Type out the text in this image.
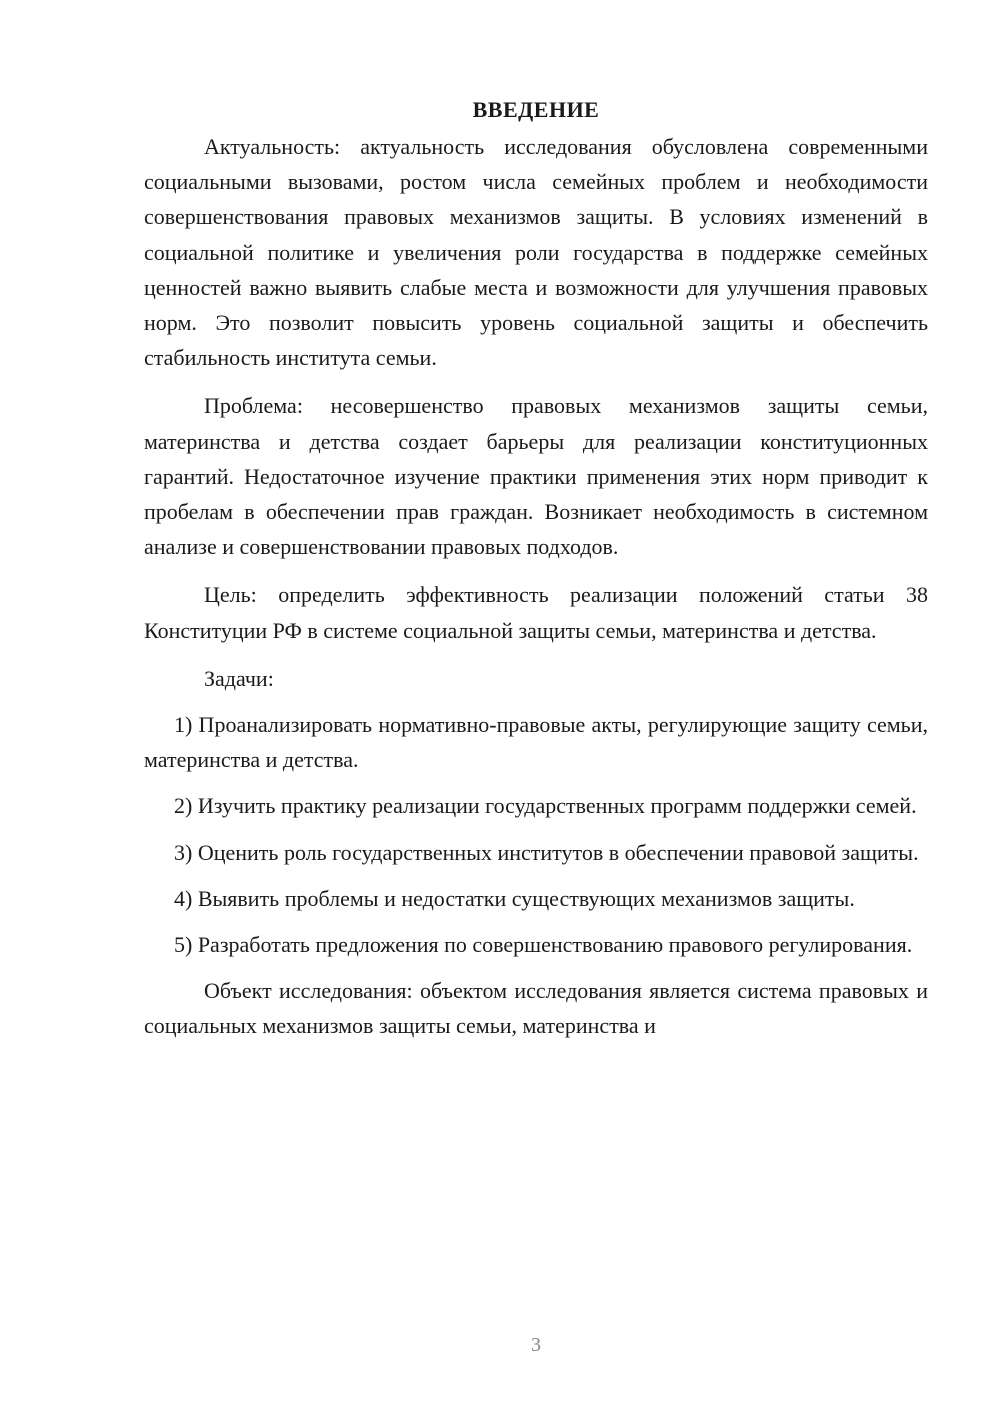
ВВЕДЕНИЕ

Актуальность: актуальность исследования обусловлена современными социальными вызовами, ростом числа семейных проблем и необходимости совершенствования правовых механизмов защиты. В условиях изменений в социальной политике и увеличения роли государства в поддержке семейных ценностей важно выявить слабые места и возможности для улучшения правовых норм. Это позволит повысить уровень социальной защиты и обеспечить стабильность института семьи.

Проблема: несовершенство правовых механизмов защиты семьи, материнства и детства создает барьеры для реализации конституционных гарантий. Недостаточное изучение практики применения этих норм приводит к пробелам в обеспечении прав граждан. Возникает необходимость в системном анализе и совершенствовании правовых подходов.

Цель: определить эффективность реализации положений статьи 38 Конституции РФ в системе социальной защиты семьи, материнства и детства.

Задачи:

1) Проанализировать нормативно-правовые акты, регулирующие защиту семьи, материнства и детства.

2) Изучить практику реализации государственных программ поддержки семей.

3) Оценить роль государственных институтов в обеспечении правовой защиты.

4) Выявить проблемы и недостатки существующих механизмов защиты.

5) Разработать предложения по совершенствованию правового регулирования.

Объект исследования: объектом исследования является система правовых и социальных механизмов защиты семьи, материнства и

3
